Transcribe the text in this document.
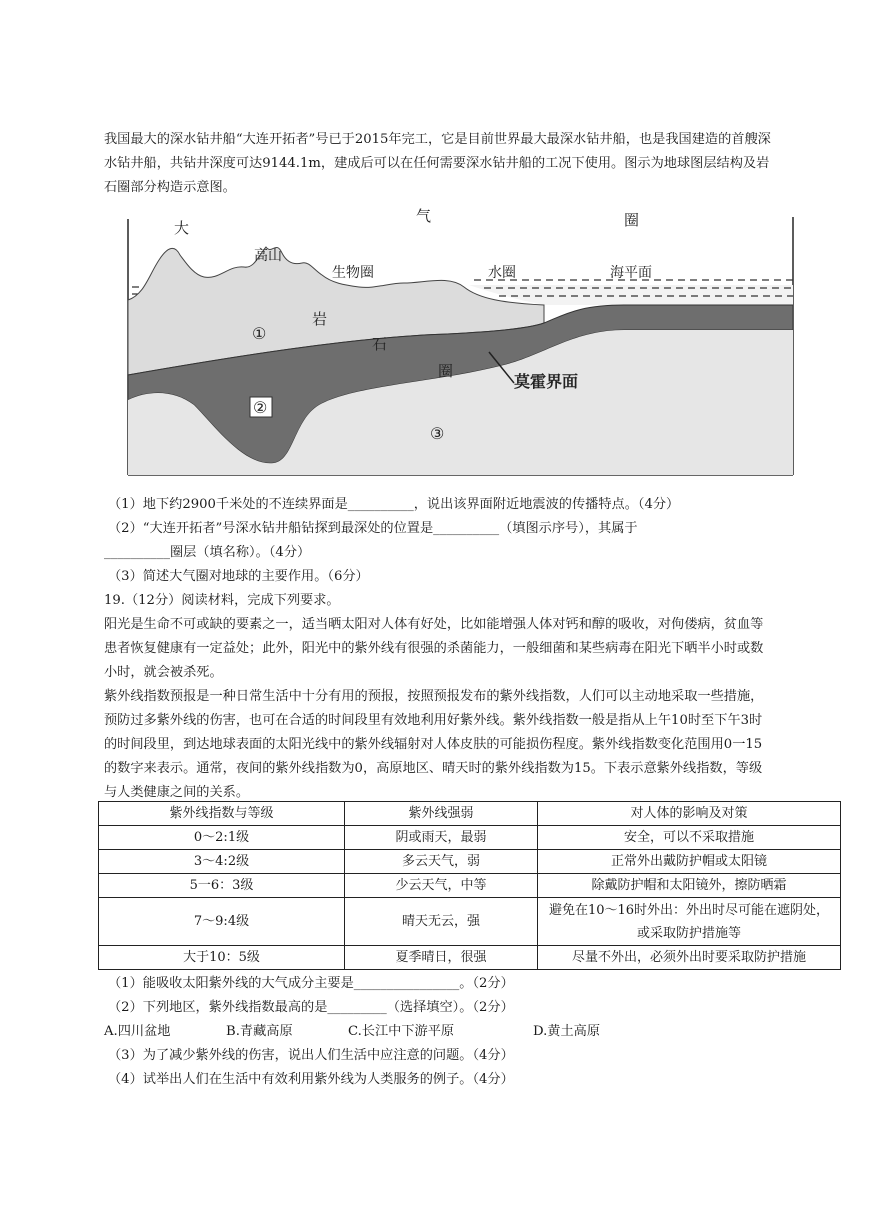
我国最大的深水钻井船“大连开拓者”号已于2015年完工，它是目前世界最大最深水钻井船，也是我国建造的首艘深水钻井船，共钻井深度可达9144.1m，建成后可以在任何需要深水钻井船的工况下使用。图示为地球图层结构及岩石圈部分构造示意图。

大
气	圈
高山
生物圈	水圈	海平面
①
岩
石
圈
莫霍界面
②
③
（1）地下约2900千米处的不连续界面是__________，说出该界面附近地震波的传播特点。（4分）
（2）“大连开拓者”号深水钻井船钻探到最深处的位置是__________（填图示序号），其属于
__________圈层（填名称）。（4分）
（3）简述大气圈对地球的主要作用。（6分）
19.（12分）阅读材料，完成下列要求。

阳光是生命不可或缺的要素之一，适当晒太阳对人体有好处，比如能增强人体对钙和醇的吸收，对佝偻病，贫血等患者恢复健康有一定益处；此外，阳光中的紫外线有很强的杀菌能力，一般细菌和某些病毒在阳光下晒半小时或数小时，就会被杀死。

紫外线指数预报是一种日常生活中十分有用的预报，按照预报发布的紫外线指数，人们可以主动地采取一些措施，预防过多紫外线的伤害，也可在合适的时间段里有效地利用好紫外线。紫外线指数一般是指从上午10时至下午3时的时间段里，到达地球表面的太阳光线中的紫外线辐射对人体皮肤的可能损伤程度。紫外线指数变化范围用0一15的数字来表示。通常，夜间的紫外线指数为0，高原地区、晴天时的紫外线指数为15。下表示意紫外线指数，等级与人类健康之间的关系。

紫外线指数与等级	紫外线强弱	对人体的影响及对策
0～2:1级	阴或雨天，最弱	安全，可以不采取措施
3～4:2级	多云天气，弱	正常外出戴防护帽或太阳镜
5一6：3级	少云天气，中等	除戴防护帽和太阳镜外，擦防晒霜
7～9:4级	晴天无云，强	避免在10～16时外出：外出时尽可能在遮阴处，或采取防护措施等
大于10：5级	夏季晴日，很强	尽量不外出，必须外出时要采取防护措施
（1）能吸收太阳紫外线的大气成分主要是________________。（2分）
（2）下列地区，紫外线指数最高的是_________（选择填空）。（2分）
A.四川盆地	B.青藏高原	C.长江中下游平原	D.黄土高原
（3）为了减少紫外线的伤害，说出人们生活中应注意的问题。（4分）
（4）试举出人们在生活中有效利用紫外线为人类服务的例子。（4分）
